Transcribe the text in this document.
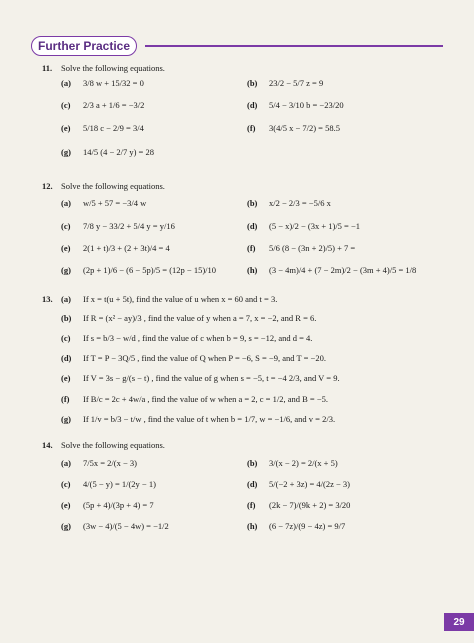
Further Practice
11. Solve the following equations.
(a)	3/8 w + 15/32 = 0	(b)	23/2 − 5/7 z = 9
(c)	2/3 a + 1/6 = −3/2	(d)	5/4 − 3/10 b = −23/20
(e)	5/18 c − 2/9 = 3/4	(f)	3(4/5 x − 7/2) = 58.5
(g)	14/5 (4 − 2/7 y) = 28
12. Solve the following equations.
(a)	w/5 + 57 = −3/4 w	(b)	x/2 − 2/3 = −5/6 x
(c)	7/8 y − 33/2 + 5/4 y = y/16	(d)	(5 − x)/2 − (3x + 1)/5 = −1
(e)	2(1 + t)/3 + (2 + 3t)/4 = 4	(f)	5/6 (8 − (3n + 2)/5) + 7 =
(g)	(2p + 1)/6 − (6 − 5p)/5 = (12p − 15)/10	(h)	(3 − 4m)/4 + (7 − 2m)/2 − (3m + 4)/5 = 1/8
13. (a)	If x = t(u + 5t), find the value of u when x = 60 and t = 3.
(b)	If R = (x² − ay)/3 , find the value of y when a = 7, x = −2, and R = 6.
(c)	If s = b/3 − w/d , find the value of c when b = 9, s = −12, and d = 4.
(d)	If T = P − 3Q/5 , find the value of Q when P = −6, S = −9, and T = −20.
(e)	If V = 3s − g/(s − t) , find the value of g when s = −5, t = −4 2/3, and V = 9.
(f)	If B/c = 2c + 4w/a , find the value of w when a = 2, c = 1/2, and B = −5.
(g)	If 1/v = b/3 − t/w , find the value of t when b = 1/7, w = −1/6, and v = 2/3.
14. Solve the following equations.
(a)	7/5x = 2/(x − 3)	(b)	3/(x − 2) = 2/(x + 5)
(c)	4/(5 − y) = 1/(2y − 1)	(d)	5/(−2 + 3z) = 4/(2z − 3)
(e)	(5p + 4)/(3p + 4) = 7	(f)	(2k − 7)/(9k + 2) = 3/20
(g)	(3w − 4)/(5 − 4w) = −1/2	(h)	(6 − 7z)/(9 − 4z) = 9/7
29
